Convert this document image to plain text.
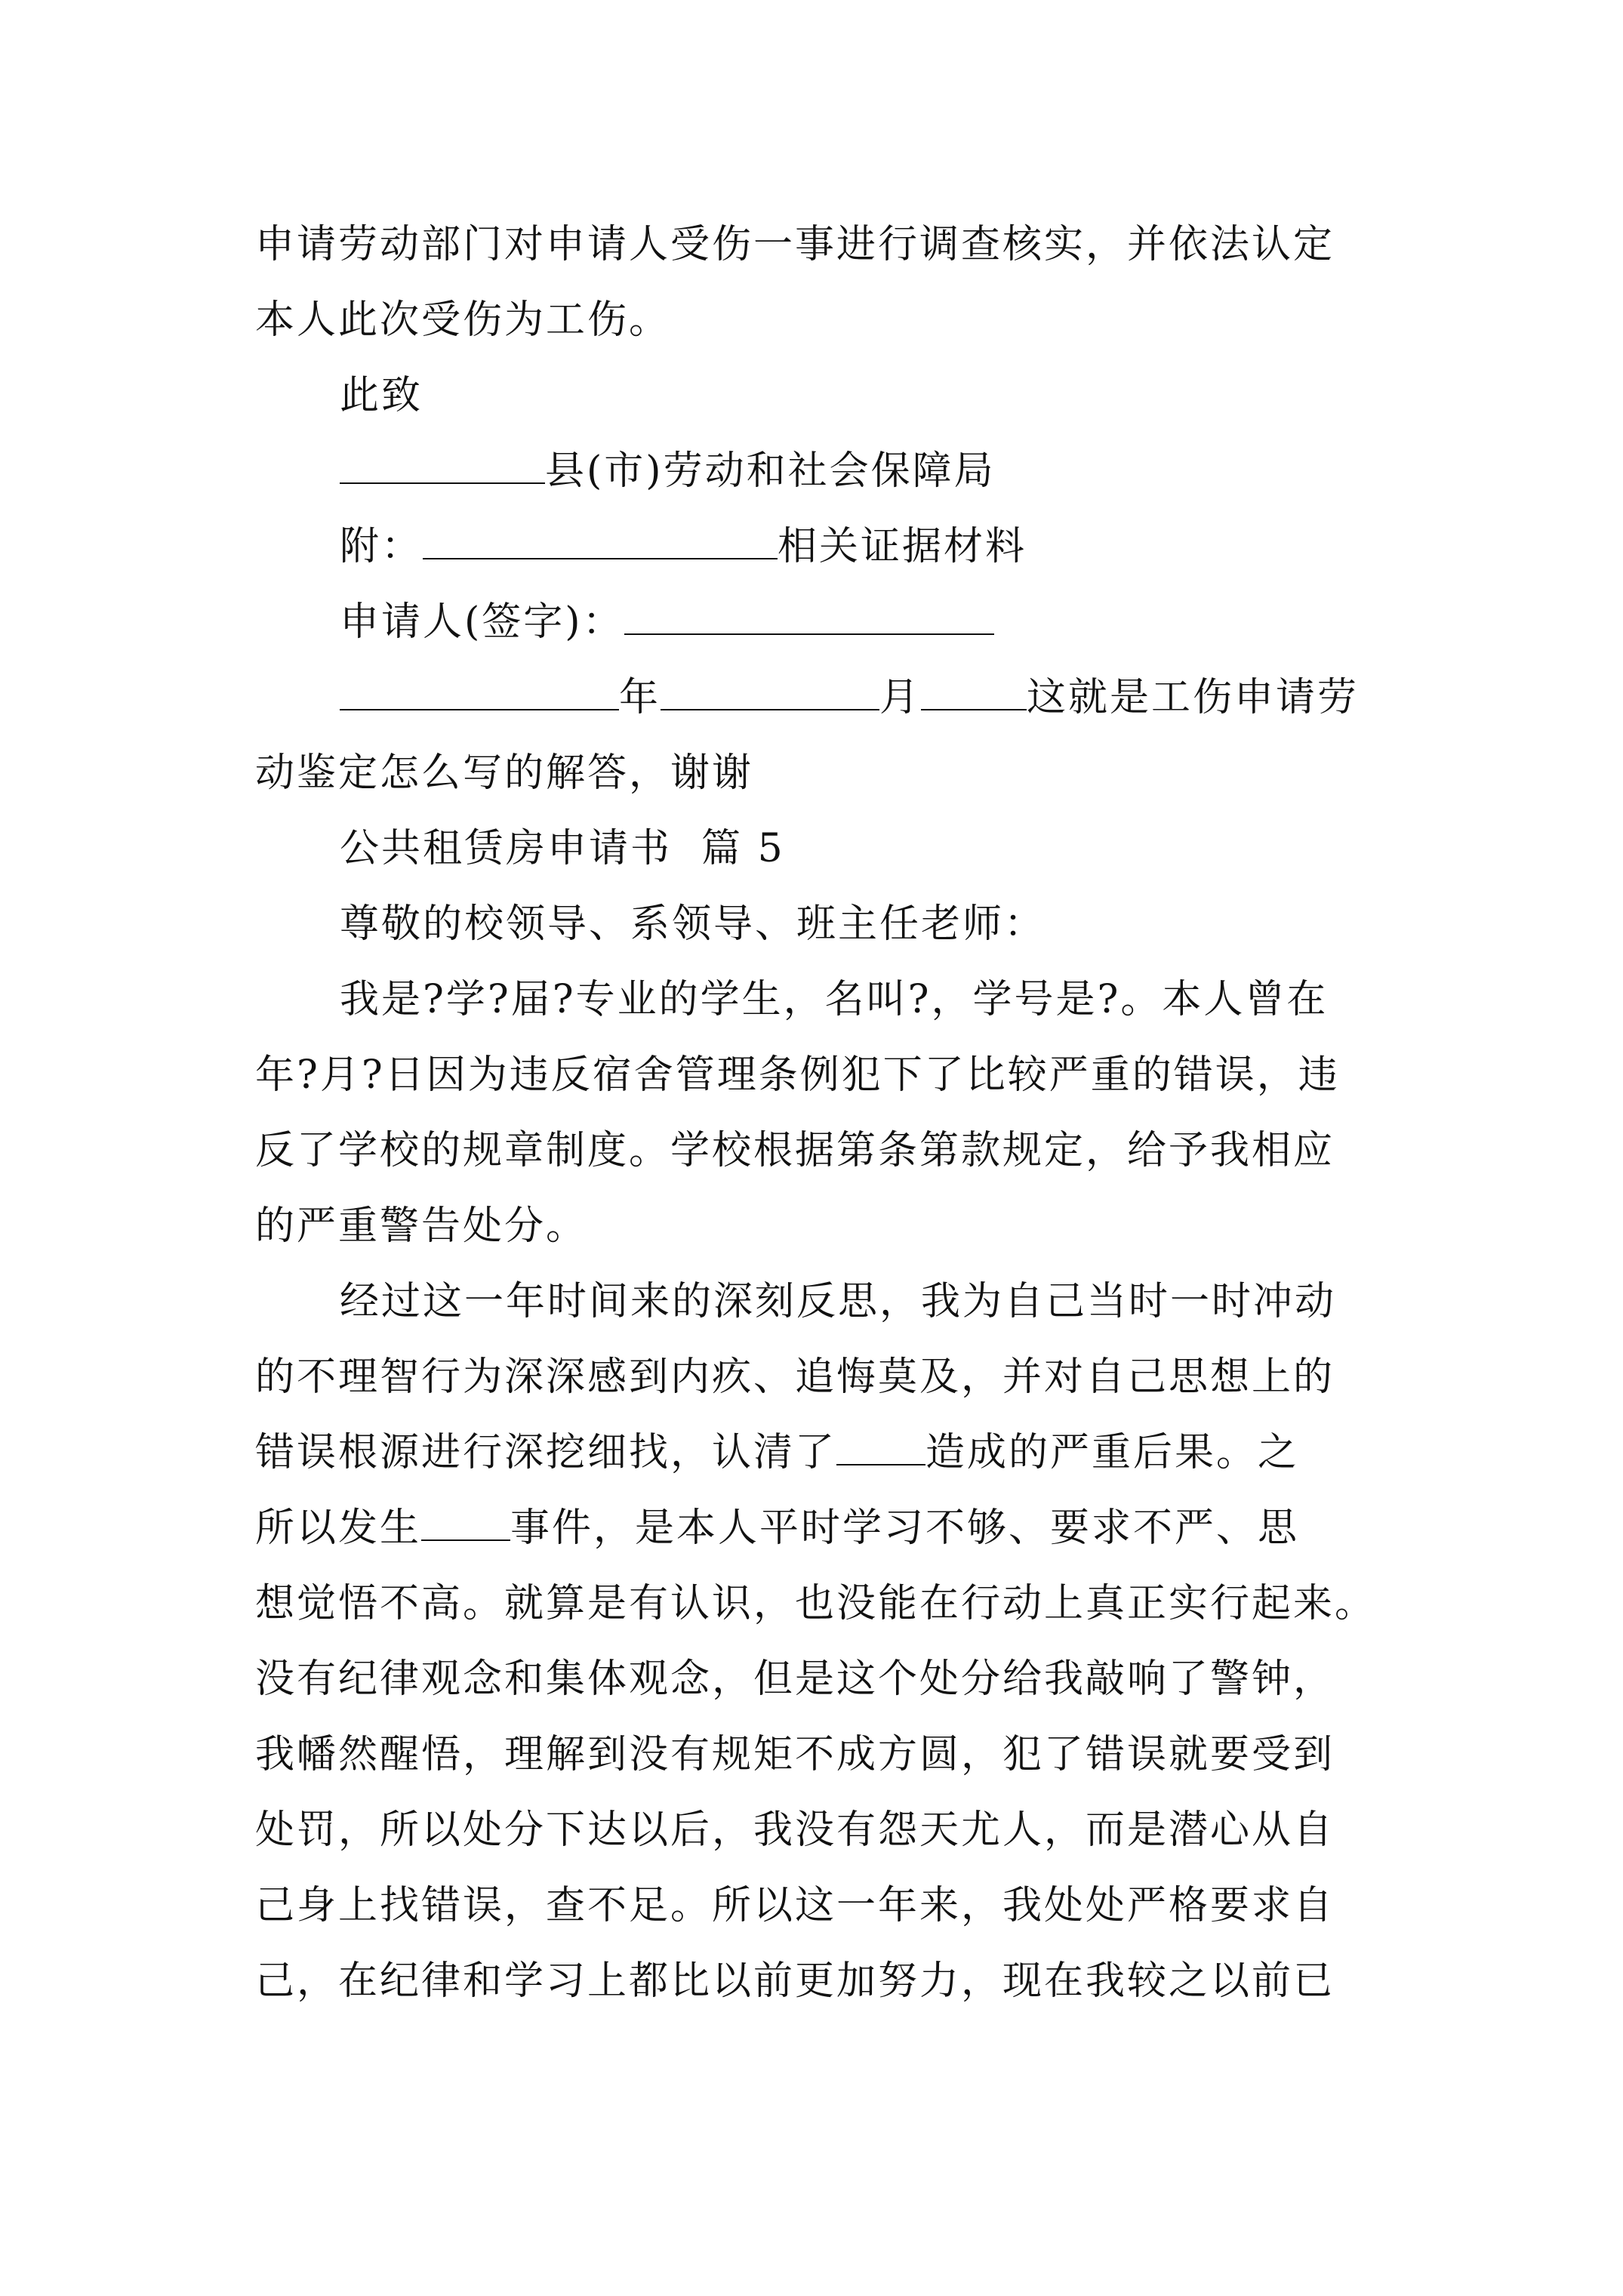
申请劳动部门对申请人受伤一事进行调查核实，并依法认定
本人此次受伤为工伤。
此致
县(市)劳动和社会保障局
附：	相关证据材料
申请人(签字)：
年	月	这就是工伤申请劳
动鉴定怎么写的解答，谢谢
公共租赁房申请书  篇 5
尊敬的校领导、系领导、班主任老师：
我是?学?届?专业的学生，名叫?，学号是?。本人曾在
年?月?日因为违反宿舍管理条例犯下了比较严重的错误，违
反了学校的规章制度。学校根据第条第款规定，给予我相应
的严重警告处分。
经过这一年时间来的深刻反思，我为自己当时一时冲动
的不理智行为深深感到内疚、追悔莫及，并对自己思想上的
错误根源进行深挖细找，认清了 造成的严重后果。之
所以发生 事件，是本人平时学习不够、要求不严、思
想觉悟不高。就算是有认识，也没能在行动上真正实行起来。
没有纪律观念和集体观念，但是这个处分给我敲响了警钟，
我幡然醒悟，理解到没有规矩不成方圆，犯了错误就要受到
处罚，所以处分下达以后，我没有怨天尤人，而是潜心从自
己身上找错误，查不足。所以这一年来，我处处严格要求自
己，在纪律和学习上都比以前更加努力，现在我较之以前已
